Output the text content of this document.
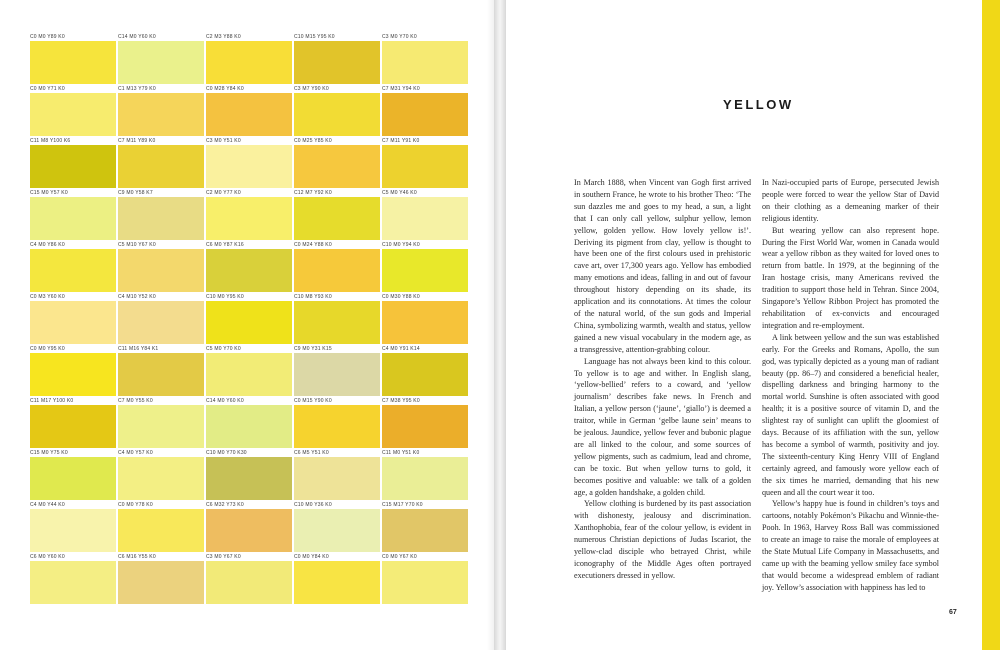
C0 M0 Y89 K0	C14 M0 Y60 K0	C2 M3 Y88 K0	C10 M15 Y95 K0	C3 M0 Y70 K0
C0 M0 Y71 K0	C1 M13 Y79 K0	C0 M28 Y84 K0	C3 M7 Y90 K0	C7 M31 Y94 K0
C11 M8 Y100 K6	C7 M11 Y89 K0	C3 M0 Y51 K0	C0 M25 Y85 K0	C7 M11 Y91 K0
C15 M0 Y57 K0	C9 M0 Y58 K7	C2 M0 Y77 K0	C12 M7 Y92 K0	C5 M0 Y46 K0
C4 M0 Y86 K0	C5 M10 Y67 K0	C6 M0 Y87 K16	C0 M24 Y88 K0	C10 M0 Y94 K0
C0 M3 Y60 K0	C4 M10 Y52 K0	C10 M0 Y95 K0	C10 M8 Y93 K0	C0 M30 Y88 K0
C0 M0 Y95 K0	C11 M16 Y84 K1	C5 M0 Y70 K0	C9 M0 Y31 K15	C4 M0 Y91 K14
C11 M17 Y100 K0	C7 M0 Y55 K0	C14 M0 Y60 K0	C0 M15 Y90 K0	C7 M38 Y95 K0
C15 M0 Y75 K0	C4 M0 Y57 K0	C10 M0 Y70 K30	C6 M5 Y51 K0	C11 M0 Y51 K0
C4 M0 Y44 K0	C0 M0 Y78 K0	C6 M32 Y73 K0	C10 M0 Y36 K0	C15 M17 Y70 K0
C6 M0 Y60 K0	C6 M16 Y55 K0	C3 M0 Y67 K0	C0 M0 Y84 K0	C0 M0 Y67 K0
YELLOW

In March 1888, when Vincent van Gogh first arrived in southern France, he wrote to his brother Theo: ‘The sun dazzles me and goes to my head, a sun, a light that I can only call yellow, sulphur yellow, lemon yellow, golden yellow. How lovely yellow is!’. Deriving its pigment from clay, yellow is thought to have been one of the first colours used in prehistoric cave art, over 17,300 years ago. Yellow has embodied many emotions and ideas, falling in and out of favour throughout history depending on its shade, its application and its connotations. At times the colour of the natural world, of the sun gods and Imperial China, symbolizing warmth, wealth and status, yellow gained a new visual vocabulary in the modern age, as a transgressive, attention-grabbing colour.

Language has not always been kind to this colour. To yellow is to age and wither. In English slang, ‘yellow-bellied’ refers to a coward, and ‘yellow journalism’ describes fake news. In French and Italian, a yellow person (‘jaune’, ‘giallo’) is deemed a traitor, while in German ‘gelbe laune sein’ means to be jealous. Jaundice, yellow fever and bubonic plague are all linked to the colour, and some sources of yellow pigments, such as cadmium, lead and chrome, can be toxic. But when yellow turns to gold, it becomes positive and valuable: we talk of a golden age, a golden handshake, a golden child.

Yellow clothing is burdened by its past association with dishonesty, jealousy and discrimination. Xanthophobia, fear of the colour yellow, is evident in numerous Christian depictions of Judas Iscariot, the yellow-clad disciple who betrayed Christ, while iconography of the Middle Ages often portrayed executioners dressed in yellow.

In Nazi-occupied parts of Europe, persecuted Jewish people were forced to wear the yellow Star of David on their clothing as a demeaning marker of their religious identity.

But wearing yellow can also represent hope. During the First World War, women in Canada would wear a yellow ribbon as they waited for loved ones to return from battle. In 1979, at the beginning of the Iran hostage crisis, many Americans revived the tradition to support those held in Tehran. Since 2004, Singapore’s Yellow Ribbon Project has promoted the rehabilitation of ex-convicts and encouraged integration and re-employment.

A link between yellow and the sun was established early. For the Greeks and Romans, Apollo, the sun god, was typically depicted as a young man of radiant beauty (pp. 86–7) and considered a beneficial healer, dispelling darkness and bringing harmony to the mortal world. Sunshine is often associated with good health; it is a positive source of vitamin D, and the slightest ray of sunlight can uplift the gloomiest of days. Because of its affiliation with the sun, yellow has become a symbol of warmth, positivity and joy. The sixteenth-century King Henry VIII of England certainly agreed, and famously wore yellow each of the six times he married, demanding that his new queen and all the court wear it too.

Yellow’s happy hue is found in children’s toys and cartoons, notably Pokémon’s Pikachu and Winnie-the-Pooh. In 1963, Harvey Ross Ball was commissioned to create an image to raise the morale of employees at the State Mutual Life Company in Massachusetts, and came up with the beaming yellow smiley face symbol that would become a widespread emblem of radiant joy. Yellow’s association with happiness has led to

67
